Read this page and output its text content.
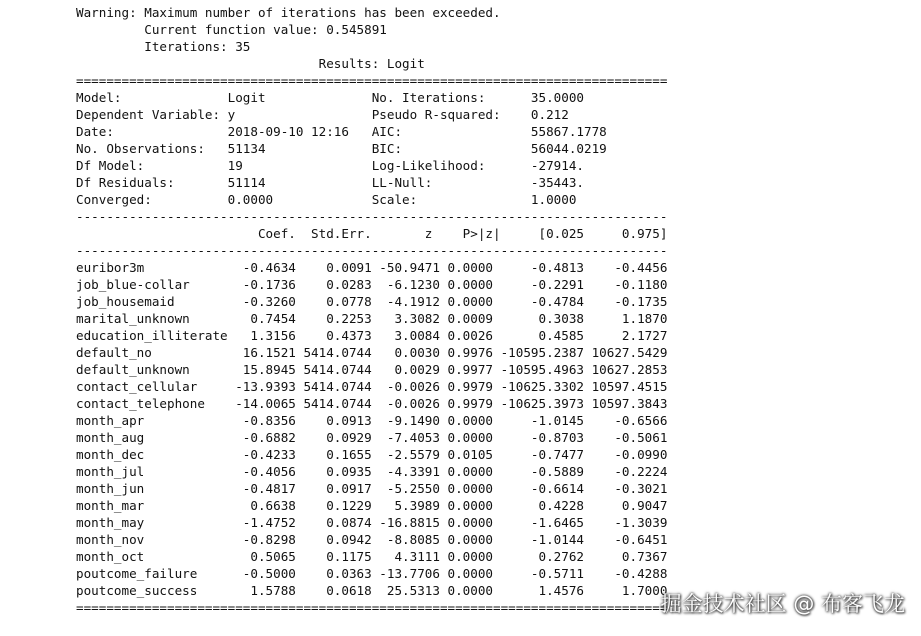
Warning: Maximum number of iterations has been exceeded.
Current function value: 0.545891
Iterations: 35
Results: Logit
==============================================================================
Model:              Logit              No. Iterations:      35.0000
Dependent Variable: y                  Pseudo R-squared:    0.212
Date:               2018-09-10 12:16   AIC:                 55867.1778
No. Observations:   51134              BIC:                 56044.0219
Df Model:           19                 Log-Likelihood:      -27914.
Df Residuals:       51114              LL-Null:             -35443.
Converged:          0.0000             Scale:               1.0000
------------------------------------------------------------------------------
Coef.  Std.Err.       z    P>|z|     [0.025     0.975]
------------------------------------------------------------------------------
euribor3m             -0.4634    0.0091 -50.9471 0.0000     -0.4813    -0.4456
job_blue-collar       -0.1736    0.0283  -6.1230 0.0000     -0.2291    -0.1180
job_housemaid         -0.3260    0.0778  -4.1912 0.0000     -0.4784    -0.1735
marital_unknown        0.7454    0.2253   3.3082 0.0009      0.3038     1.1870
education_illiterate   1.3156    0.4373   3.0084 0.0026      0.4585     2.1727
default_no            16.1521 5414.0744   0.0030 0.9976 -10595.2387 10627.5429
default_unknown       15.8945 5414.0744   0.0029 0.9977 -10595.4963 10627.2853
contact_cellular     -13.9393 5414.0744  -0.0026 0.9979 -10625.3302 10597.4515
contact_telephone    -14.0065 5414.0744  -0.0026 0.9979 -10625.3973 10597.3843
month_apr             -0.8356    0.0913  -9.1490 0.0000     -1.0145    -0.6566
month_aug             -0.6882    0.0929  -7.4053 0.0000     -0.8703    -0.5061
month_dec             -0.4233    0.1655  -2.5579 0.0105     -0.7477    -0.0990
month_jul             -0.4056    0.0935  -4.3391 0.0000     -0.5889    -0.2224
month_jun             -0.4817    0.0917  -5.2550 0.0000     -0.6614    -0.3021
month_mar              0.6638    0.1229   5.3989 0.0000      0.4228     0.9047
month_may             -1.4752    0.0874 -16.8815 0.0000     -1.6465    -1.3039
month_nov             -0.8298    0.0942  -8.8085 0.0000     -1.0144    -0.6451
month_oct              0.5065    0.1175   4.3111 0.0000      0.2762     0.7367
poutcome_failure      -0.5000    0.0363 -13.7706 0.0000     -0.5711    -0.4288
poutcome_success       1.5788    0.0618  25.5313 0.0000      1.4576     1.7000
==============================================================================
掘金技术社区 @ 布客飞龙
